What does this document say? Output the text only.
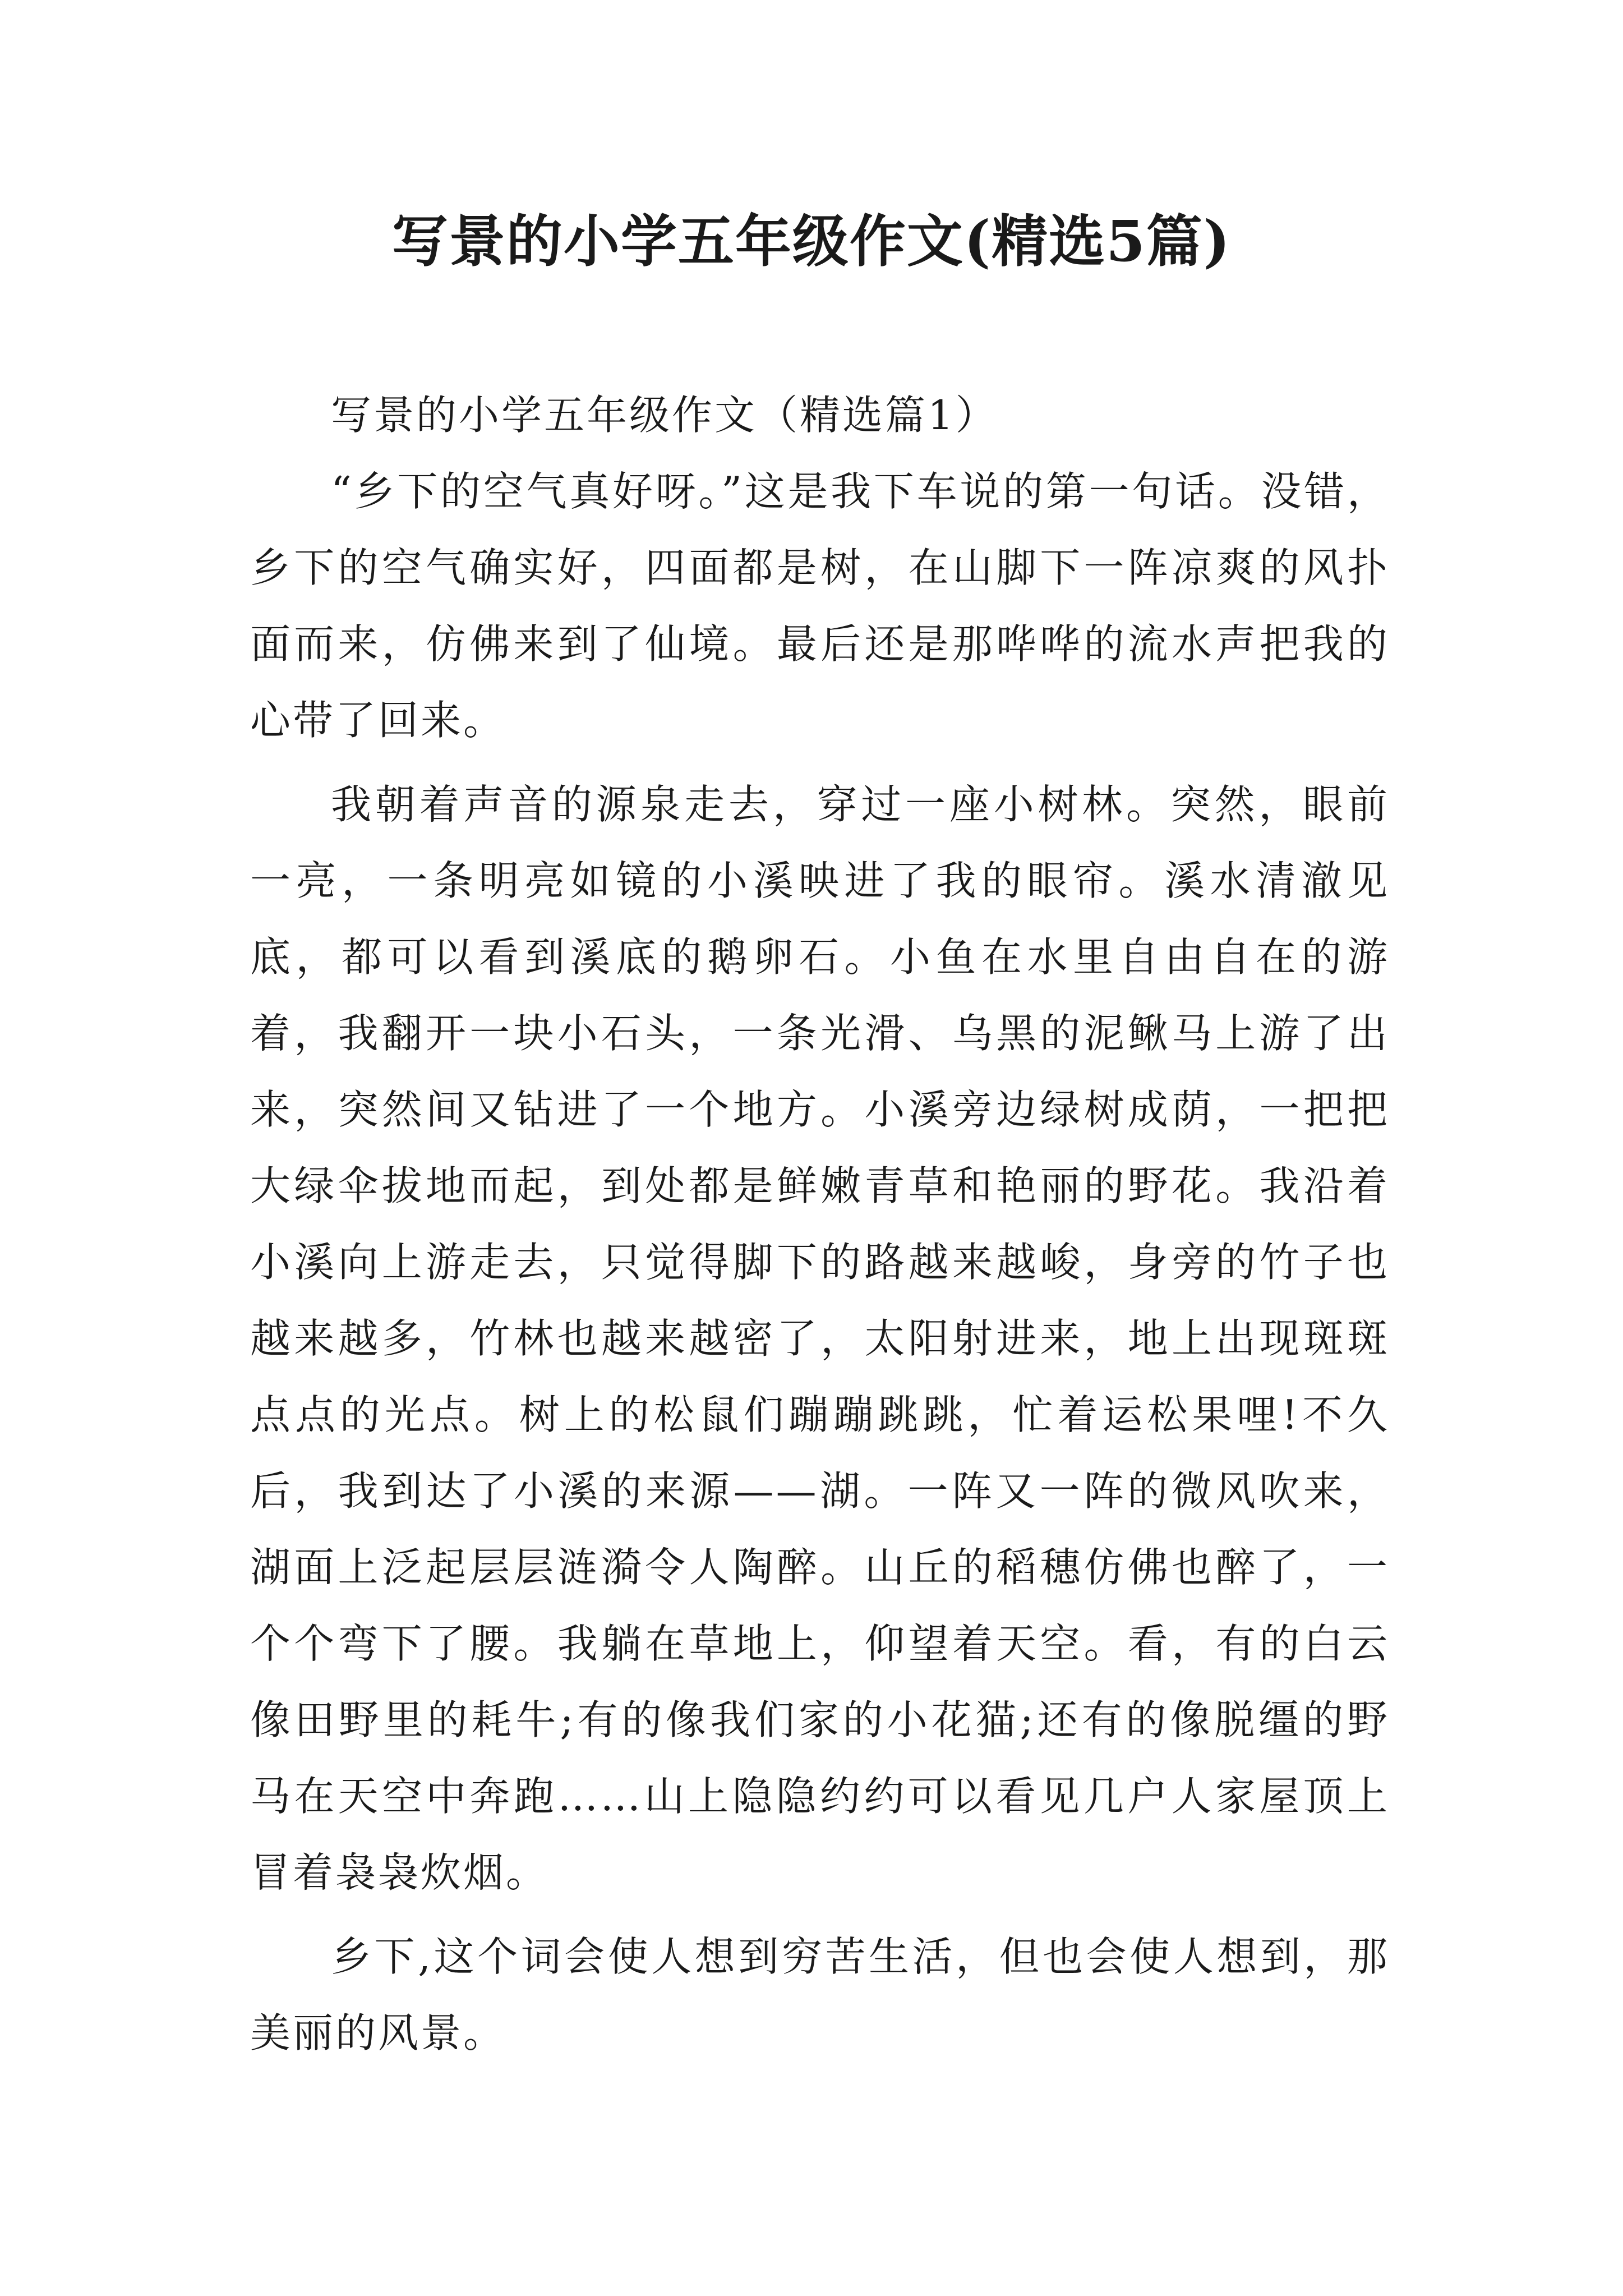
写景的小学五年级作文(精选5篇)
写景的小学五年级作文（精选篇1）

“乡下的空气真好呀。”这是我下车说的第一句话。没错，乡下的空气确实好，四面都是树，在山脚下一阵凉爽的风扑面而来，仿佛来到了仙境。最后还是那哗哗的流水声把我的心带了回来。

我朝着声音的源泉走去，穿过一座小树林。突然，眼前一亮，一条明亮如镜的小溪映进了我的眼帘。溪水清澈见底，都可以看到溪底的鹅卵石。小鱼在水里自由自在的游着，我翻开一块小石头，一条光滑、乌黑的泥鳅马上游了出来，突然间又钻进了一个地方。小溪旁边绿树成荫，一把把大绿伞拔地而起，到处都是鲜嫩青草和艳丽的野花。我沿着小溪向上游走去，只觉得脚下的路越来越峻，身旁的竹子也越来越多，竹林也越来越密了，太阳射进来，地上出现斑斑点点的光点。树上的松鼠们蹦蹦跳跳，忙着运松果哩!不久后，我到达了小溪的来源——湖。一阵又一阵的微风吹来，湖面上泛起层层涟漪令人陶醉。山丘的稻穗仿佛也醉了，一个个弯下了腰。我躺在草地上，仰望着天空。看，有的白云像田野里的耗牛;有的像我们家的小花猫;还有的像脱缰的野马在天空中奔跑……山上隐隐约约可以看见几户人家屋顶上冒着袅袅炊烟。

乡下,这个词会使人想到穷苦生活，但也会使人想到，那美丽的风景。
